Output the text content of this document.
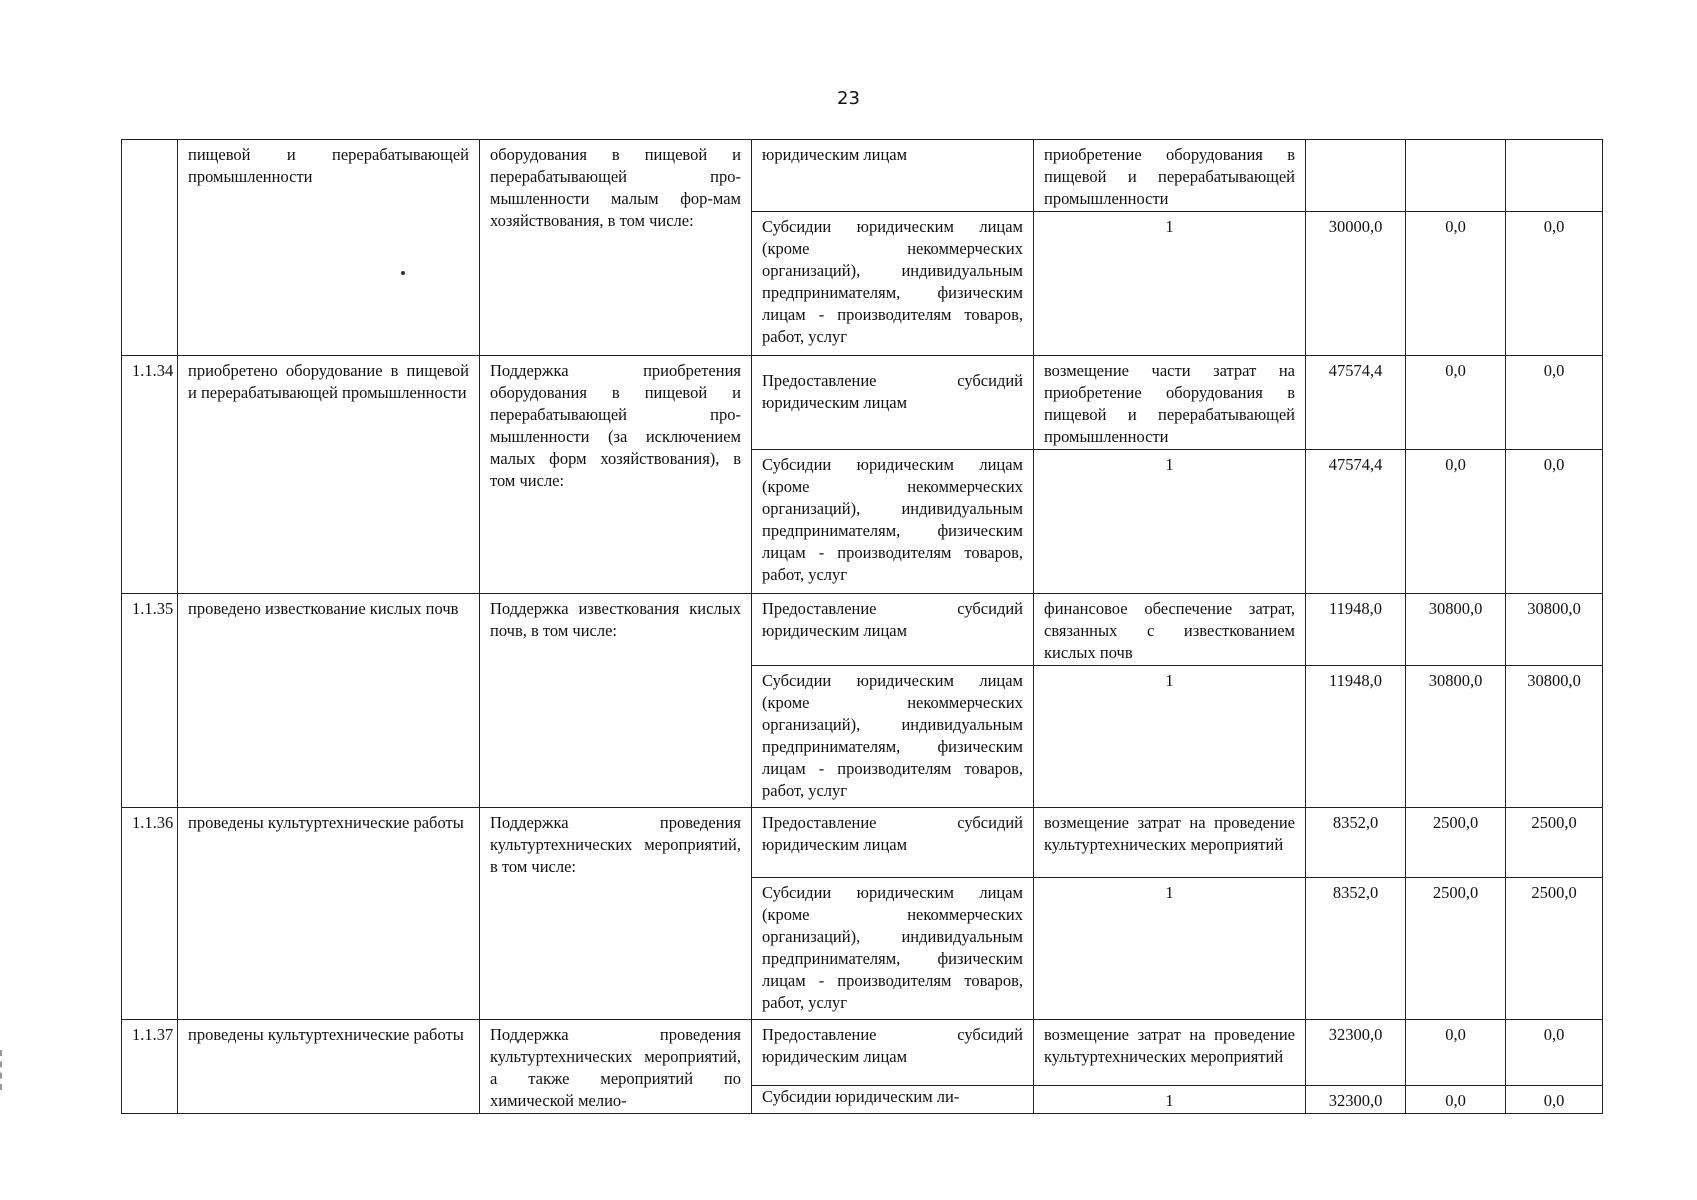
23
	пищевой и перерабатывающей промышленности	оборудования в пищевой и перерабатывающей про-мышленности малым фор-мам хозяйствования, в том числе:	юридическим лицам	приобретение оборудования в пищевой и перерабатывающей промышленности			
			Субсидии юридическим лицам (кроме некоммерческих организаций), индивидуальным предпринимателям, физическим лицам - производителям товаров, работ, услуг	1	30000,0	0,0	0,0
1.1.34	приобретено оборудование в пищевой и перерабатывающей промышленности	Поддержка приобретения оборудования в пищевой и перерабатывающей про-мышленности (за исключением малых форм хозяйствования), в том числе:	Предоставление субсидий юридическим лицам	возмещение части затрат на приобретение оборудования в пищевой и перерабатывающей промышленности	47574,4	0,0	0,0
			Субсидии юридическим лицам (кроме некоммерческих организаций), индивидуальным предпринимателям, физическим лицам - производителям товаров, работ, услуг	1	47574,4	0,0	0,0
1.1.35	проведено известкование кислых почв	Поддержка известкования кислых почв, в том числе:	Предоставление субсидий юридическим лицам	финансовое обеспечение затрат, связанных с известкованием кислых почв	11948,0	30800,0	30800,0
			Субсидии юридическим лицам (кроме некоммерческих организаций), индивидуальным предпринимателям, физическим лицам - производителям товаров, работ, услуг	1	11948,0	30800,0	30800,0
1.1.36	проведены культуртехнические работы	Поддержка проведения культуртехнических мероприятий, в том числе:	Предоставление субсидий юридическим лицам	возмещение затрат на проведение культуртехнических мероприятий	8352,0	2500,0	2500,0
			Субсидии юридическим лицам (кроме некоммерческих организаций), индивидуальным предпринимателям, физическим лицам - производителям товаров, работ, услуг	1	8352,0	2500,0	2500,0
1.1.37	проведены культуртехнические работы	Поддержка проведения культуртехнических мероприятий, а также мероприятий по химической мелио-	Предоставление субсидий юридическим лицам	возмещение затрат на проведение культуртехнических мероприятий	32300,0	0,0	0,0
			Субсидии юридическим ли-	1	32300,0	0,0	0,0
